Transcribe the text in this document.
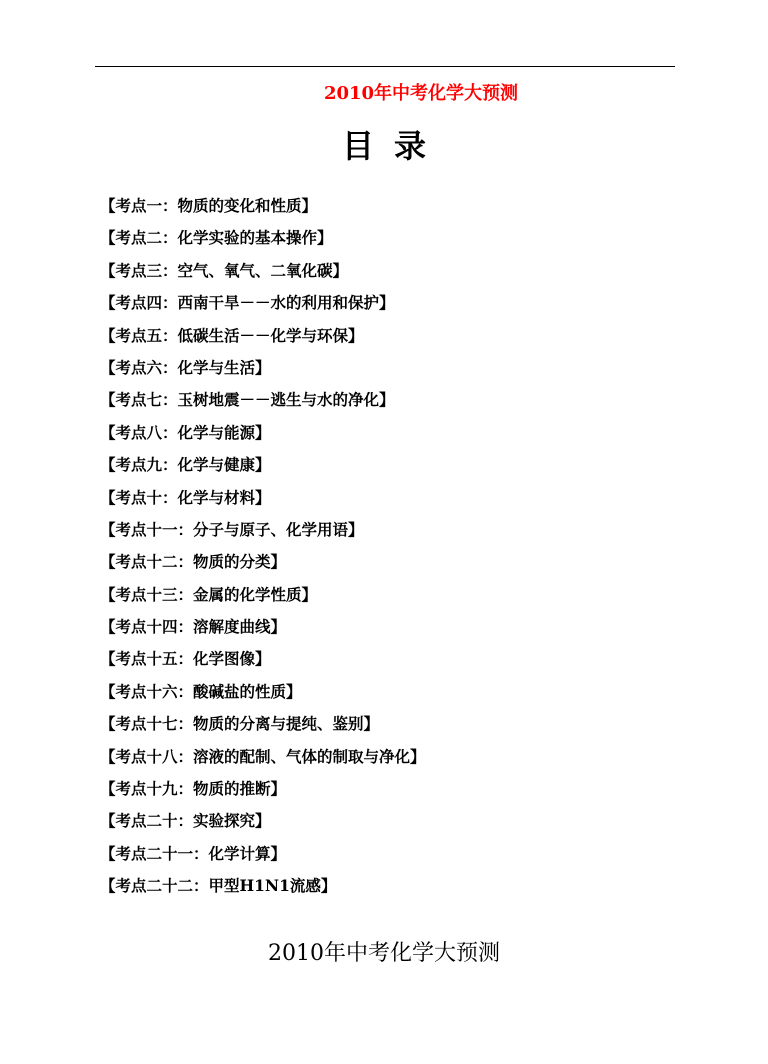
2010年中考化学大预测
目录
【考点一：物质的变化和性质】
【考点二：化学实验的基本操作】
【考点三：空气、氧气、二氧化碳】
【考点四：西南干旱－－水的利用和保护】
【考点五：低碳生活－－化学与环保】
【考点六：化学与生活】
【考点七：玉树地震－－逃生与水的净化】
【考点八：化学与能源】
【考点九：化学与健康】
【考点十：化学与材料】
【考点十一：分子与原子、化学用语】
【考点十二：物质的分类】
【考点十三：金属的化学性质】
【考点十四：溶解度曲线】
【考点十五：化学图像】
【考点十六：酸碱盐的性质】
【考点十七：物质的分离与提纯、鉴别】
【考点十八：溶液的配制、气体的制取与净化】
【考点十九：物质的推断】
【考点二十：实验探究】
【考点二十一：化学计算】
【考点二十二：甲型H1N1流感】
2010年中考化学大预测
